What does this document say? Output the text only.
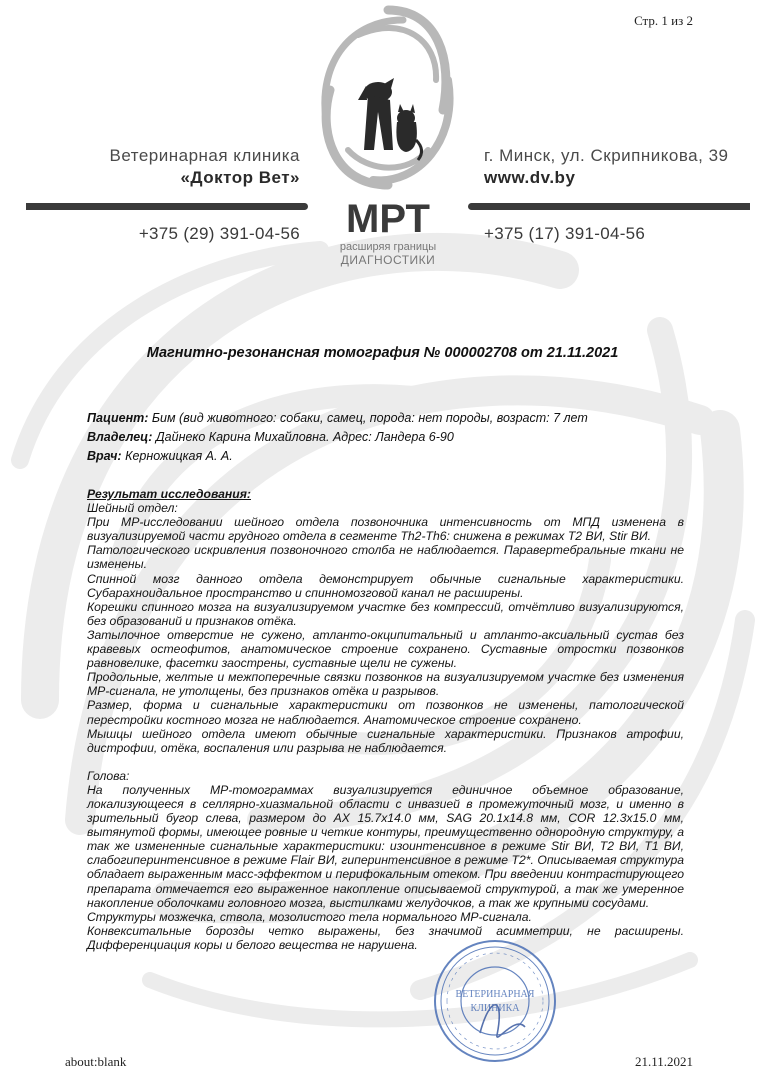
Стр. 1 из 2
МРТ
расширяя границы
ДИАГНОСТИКИ
Ветеринарная клиника
«Доктор Вет»
г. Минск, ул. Скрипникова, 39
www.dv.by
+375 (29) 391-04-56	+375 (17) 391-04-56
Магнитно-резонансная томография № 000002708 от 21.11.2021
Пациент: Бим (вид животного: собаки, самец, порода: нет породы, возраст: 7 лет
Владелец: Дайнеко Карина Михайловна. Адрес: Ландера 6-90
Врач: Керножицкая А. А.

Результат исследования:

Шейный отдел:

При МР-исследовании шейного отдела позвоночника интенсивность от МПД изменена в визуализируемой части грудного отдела в сегменте Th2-Th6: снижена в режимах Т2 ВИ, Stir ВИ.

Патологического искривления позвоночного столба не наблюдается. Паравертебральные ткани не изменены.

Спинной мозг данного отдела демонстрирует обычные сигнальные характеристики. Субарахноидальное пространство и спинномозговой канал не расширены.

Корешки спинного мозга на визуализируемом участке без компрессий, отчётливо визуализируются, без образований и признаков отёка.

Затылочное отверстие не сужено, атланто-окципитальный и атланто-аксиальный сустав без кравевых остеофитов, анатомическое строение сохранено. Суставные отростки позвонков равновелике, фасетки заострены, суставные щели не сужены.

Продольные, желтые и межпоперечные связки позвонков на визуализируемом участке без изменения МР-сигнала, не утолщены, без признаков отёка и разрывов.

Размер, форма и сигнальные характеристики от позвонков не изменены, патологической перестройки костного мозга не наблюдается. Анатомическое строение сохранено.

Мышцы шейного отдела имеют обычные сигнальные характеристики. Признаков атрофии, дистрофии, отёка, воспаления или разрыва не наблюдается.

Голова:

На полученных МР-томограммах визуализируется единичное объемное образование, локализующееся в селлярно-хиазмальной области с инвазией в промежуточный мозг, и именно в зрительный бугор слева, размером до AX 15.7x14.0 мм, SAG 20.1x14.8 мм, COR 12.3x15.0 мм, вытянутой формы, имеющее ровные и четкие контуры, преимущественно однородную структуру, а так же измененные сигнальные характеристики: изоинтенсивное в режиме Stir ВИ, Т2 ВИ, Т1 ВИ, слабогиперинтенсивное в режиме Flair ВИ, гиперинтенсивное в режиме Т2*. Описываемая структура обладает выраженным масс-эффектом и перифокальным отеком. При введении контрастирующего препарата отмечается его выраженное накопление описываемой структурой, а так же умеренное накопление оболочками головного мозга, выстилками желудочков, а так же крупными сосудами.

Структуры мозжечка, ствола, мозолистого тела нормального МР-сигнала.

Конвекситальные борозды четко выражены, без значимой асимметрии, не расширены. Дифференциация коры и белого вещества не нарушена.

ВЕТЕРИНАРНАЯ
КЛИНИКА
about:blank	21.11.2021
